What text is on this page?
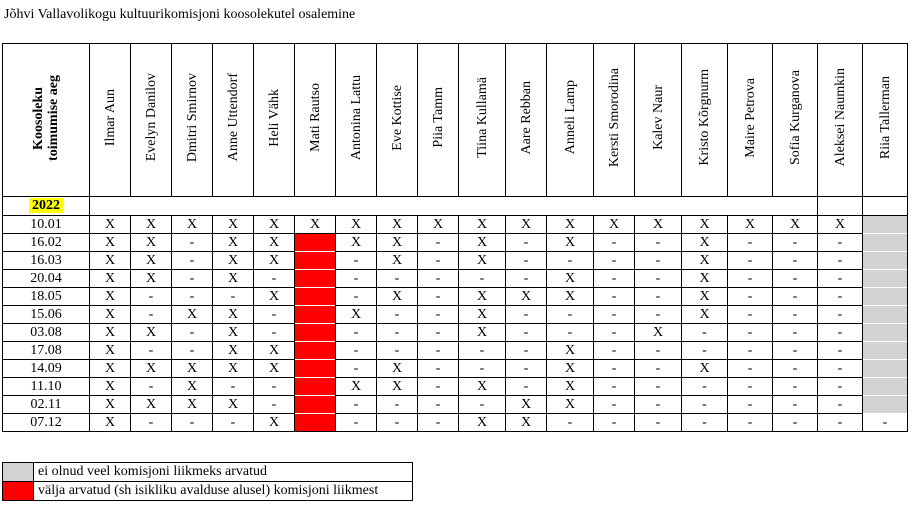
Jõhvi Vallavolikogu kultuurikomisjoni koosolekutel osalemine
Koosoleku
toimumise aeg	Ilmar Aun	Evelyn Danilov	Dmitri Smirnov	Anne Uttendorf	Heli Vähk	Mati Rautso	Antonina Lattu	Eve Kottise	Piia Tamm	Tiina Kullamä	Aare Rebban	Anneli Lamp	Kersti Smorodina	Kalev Naur	Kristo Kõrgnurm	Maire Petrova	Sofia Kurganova	Aleksei Naumkin	Riia Tallerman
2022																			
10.01	X	X	X	X	X	X	X	X	X	X	X	X	X	X	X	X	X	X	
16.02	X	X	-	X	X		X	X	-	X	-	X	-	-	X	-	-	-	
16.03	X	X	-	X	X		-	X	-	X	-	-	-	-	X	-	-	-	
20.04	X	X	-	X	-		-	-	-	-	-	X	-	-	X	-	-	-	
18.05	X	-	-	-	X		-	X	-	X	X	X	-	-	X	-	-	-	
15.06	X	-	X	X	-		X	-	-	X	-	-	-	-	X	-	-	-	
03.08	X	X	-	X	-		-	-	-	X	-	-	-	X	-	-	-	-	
17.08	X	-	-	X	X		-	-	-	-	-	X	-	-	-	-	-	-	
14.09	X	X	X	X	X		-	X	-	-	-	X	-	-	X	-	-	-	
11.10	X	-	X	-	-		X	X	-	X	-	X	-	-	-	-	-	-	
02.11	X	X	X	X	-		-	-	-	-	X	X	-	-	-	-	-	-	
07.12	X	-	-	-	X		-	-	-	X	X	-	-	-	-	-	-	-	-
	ei olnud veel komisjoni liikmeks arvatud
	välja arvatud (sh isikliku avalduse alusel) komisjoni liikmest
